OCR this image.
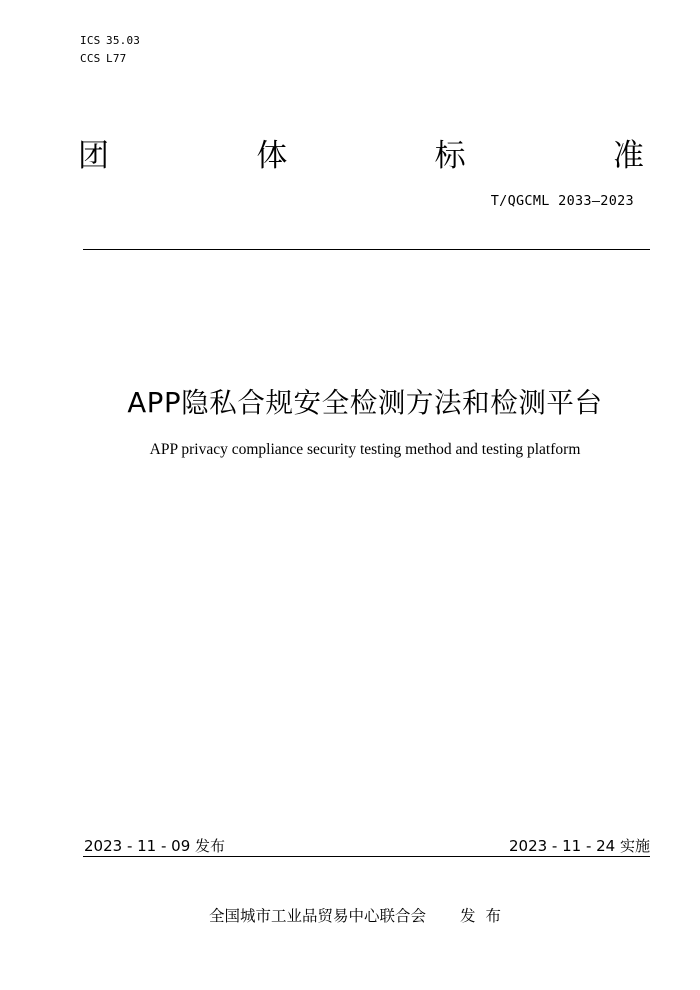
ICS 35.03
CCS L77
团	体	标	准
T/QGCML 2033—2023
APP隐私合规安全检测方法和检测平台
APP privacy compliance security testing method and testing platform
2023 - 11 - 09 发布	2023 - 11 - 24 实施
全国城市工业品贸易中心联合会 发 布
